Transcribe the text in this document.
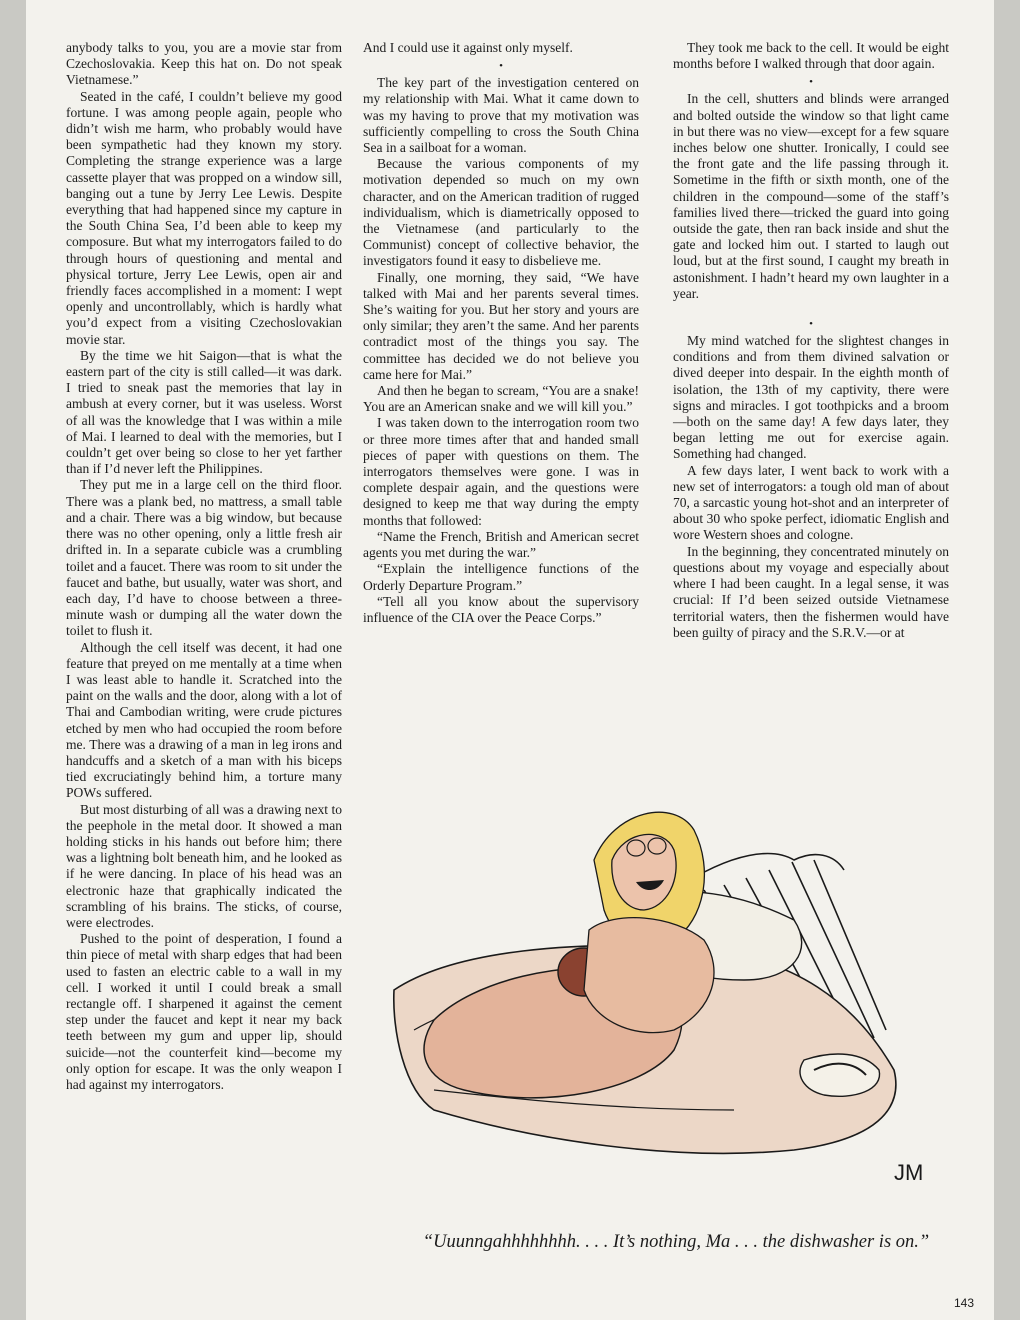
anybody talks to you, you are a movie star from Czechoslovakia. Keep this hat on. Do not speak Vietnamese.”

Seated in the café, I couldn’t believe my good fortune. I was among people again, people who didn’t wish me harm, who probably would have been sympathetic had they known my story. Completing the strange experience was a large cassette player that was propped on a window sill, banging out a tune by Jerry Lee Lewis. Despite everything that had happened since my capture in the South China Sea, I’d been able to keep my composure. But what my interrogators failed to do through hours of questioning and mental and physical torture, Jerry Lee Lewis, open air and friendly faces accomplished in a moment: I wept openly and uncontrollably, which is hardly what you’d expect from a visiting Czechoslovakian movie star.

By the time we hit Saigon—that is what the eastern part of the city is still called—it was dark. I tried to sneak past the memories that lay in ambush at every corner, but it was useless. Worst of all was the knowledge that I was within a mile of Mai. I learned to deal with the memories, but I couldn’t get over being so close to her yet farther than if I’d never left the Philippines.

They put me in a large cell on the third floor. There was a plank bed, no mattress, a small table and a chair. There was a big window, but because there was no other opening, only a little fresh air drifted in. In a separate cubicle was a crumbling toilet and a faucet. There was room to sit under the faucet and bathe, but usually, water was short, and each day, I’d have to choose between a three-minute wash or dumping all the water down the toilet to flush it.

Although the cell itself was decent, it had one feature that preyed on me mentally at a time when I was least able to handle it. Scratched into the paint on the walls and the door, along with a lot of Thai and Cambodian writing, were crude pictures etched by men who had occupied the room before me. There was a drawing of a man in leg irons and handcuffs and a sketch of a man with his biceps tied excruciatingly behind him, a torture many POWs suffered.

But most disturbing of all was a drawing next to the peephole in the metal door. It showed a man holding sticks in his hands out before him; there was a lightning bolt beneath him, and he looked as if he were dancing. In place of his head was an electronic haze that graphically indicated the scrambling of his brains. The sticks, of course, were electrodes.

Pushed to the point of desperation, I found a thin piece of metal with sharp edges that had been used to fasten an electric cable to a wall in my cell. I worked it until I could break a small rectangle off. I sharpened it against the cement step under the faucet and kept it near my back teeth between my gum and upper lip, should suicide—not the counterfeit kind—become my only option for escape. It was the only weapon I had against my interrogators.

And I could use it against only myself.

•

The key part of the investigation centered on my relationship with Mai. What it came down to was my having to prove that my motivation was sufficiently compelling to cross the South China Sea in a sailboat for a woman.

Because the various components of my motivation depended so much on my own character, and on the American tradition of rugged individualism, which is diametrically opposed to the Vietnamese (and particularly to the Communist) concept of collective behavior, the investigators found it easy to disbelieve me.

Finally, one morning, they said, “We have talked with Mai and her parents several times. She’s waiting for you. But her story and yours are only similar; they aren’t the same. And her parents contradict most of the things you say. The committee has decided we do not believe you came here for Mai.”

And then he began to scream, “You are a snake! You are an American snake and we will kill you.”

I was taken down to the interrogation room two or three more times after that and handed small pieces of paper with questions on them. The interrogators themselves were gone. I was in complete despair again, and the questions were designed to keep me that way during the empty months that followed:

“Name the French, British and American secret agents you met during the war.”

“Explain the intelligence functions of the Orderly Departure Program.”

“Tell all you know about the supervisory influence of the CIA over the Peace Corps.”

They took me back to the cell. It would be eight months before I walked through that door again.

•

In the cell, shutters and blinds were arranged and bolted outside the window so that light came in but there was no view—except for a few square inches below one shutter. Ironically, I could see the front gate and the life passing through it. Sometime in the fifth or sixth month, one of the children in the compound—some of the staff’s families lived there—tricked the guard into going outside the gate, then ran back inside and shut the gate and locked him out. I started to laugh out loud, but at the first sound, I caught my breath in astonishment. I hadn’t heard my own laughter in a year.

•

My mind watched for the slightest changes in conditions and from them divined salvation or dived deeper into despair. In the eighth month of isolation, the 13th of my captivity, there were signs and miracles. I got toothpicks and a broom—both on the same day! A few days later, they began letting me out for exercise again. Something had changed.

A few days later, I went back to work with a new set of interrogators: a tough old man of about 70, a sarcastic young hot-shot and an interpreter of about 30 who spoke perfect, idiomatic English and wore Western shoes and cologne.

In the beginning, they concentrated minutely on questions about my voyage and especially about where I had been caught. In a legal sense, it was crucial: If I’d been seized outside Vietnamese territorial waters, then the fishermen would have been guilty of piracy and the S.R.V.—or at

JM
“Uuunngahhhhhhhh. . . . It’s nothing, Ma . . . the dishwasher is on.”
143
